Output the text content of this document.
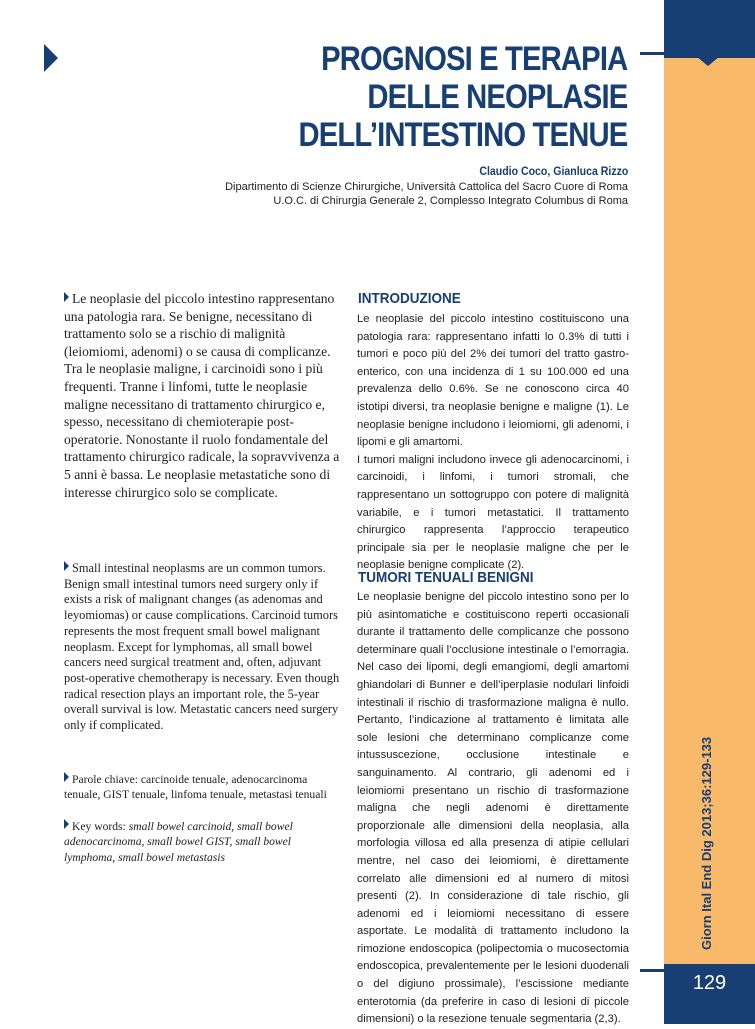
Giorn Ital End Dig 2013;36:129-133
129
PROGNOSI E TERAPIA
DELLE NEOPLASIE
DELL’INTESTINO TENUE
Claudio Coco, Gianluca Rizzo
Dipartimento di Scienze Chirurgiche, Università Cattolica del Sacro Cuore di Roma
U.O.C. di Chirurgia Generale 2, Complesso Integrato Columbus di Roma
Le neoplasie del piccolo intestino rappresentano una patologia rara. Se benigne, necessitano di trattamento solo se a rischio di malignità (leiomiomi, adenomi) o se causa di complicanze. Tra le neoplasie maligne, i carcinoidi sono i più frequenti. Tranne i linfomi, tutte le neoplasie maligne necessitano di trattamento chirurgico e, spesso, necessitano di chemioterapie post-operatorie. Nonostante il ruolo fondamentale del trattamento chirurgico radicale, la sopravvivenza a 5 anni è bassa. Le neoplasie metastatiche sono di interesse chirurgico solo se complicate.
Small intestinal neoplasms are un common tumors. Benign small intestinal tumors need surgery only if exists a risk of malignant changes (as adenomas and leyomiomas) or cause complications. Carcinoid tumors represents the most frequent small bowel malignant neoplasm. Except for lymphomas, all small bowel cancers need surgical treatment and, often, adjuvant post-operative chemotherapy is necessary. Even though radical resection plays an important role, the 5-year overall survival is low. Metastatic cancers need surgery only if complicated.
Parole chiave: carcinoide tenuale, adenocarcinoma tenuale, GIST tenuale, linfoma tenuale, metastasi tenuali
Key words: small bowel carcinoid, small bowel adenocarcinoma, small bowel GIST, small bowel lymphoma, small bowel metastasis
INTRODUZIONE

Le neoplasie del piccolo intestino costituiscono una patologia rara: rappresentano infatti lo 0.3% di tutti i tumori e poco più del 2% dei tumori del tratto gastro-enterico, con una incidenza di 1 su 100.000 ed una prevalenza dello 0.6%. Se ne conoscono circa 40 istotipi diversi, tra neoplasie benigne e maligne (1). Le neoplasie benigne includono i leiomiomi, gli adenomi, i lipomi e gli amartomi.

I tumori maligni includono invece gli adenocarcinomi, i carcinoidi, i linfomi, i tumori stromali, che rappresentano un sottogruppo con potere di malignità variabile, e i tumori metastatici. Il trattamento chirurgico rappresenta l’approccio terapeutico principale sia per le neoplasie maligne che per le neoplasie benigne complicate (2).

TUMORI TENUALI BENIGNI

Le neoplasie benigne del piccolo intestino sono per lo più asintomatiche e costituiscono reperti occasionali durante il trattamento delle complicanze che possono determinare quali l’occlusione intestinale o l’emorragia. Nel caso dei lipomi, degli emangiomi, degli amartomi ghiandolari di Bunner e dell’iperplasie nodulari linfoidi intestinali il rischio di trasformazione maligna è nullo. Pertanto, l’indicazione al trattamento è limitata alle sole lesioni che determinano complicanze come intussuscezione, occlusione intestinale e sanguinamento. Al contrario, gli adenomi ed i leiomiomi presentano un rischio di trasformazione maligna che negli adenomi è direttamente proporzionale alle dimensioni della neoplasia, alla morfologia villosa ed alla presenza di atipie cellulari mentre, nel caso dei leiomiomi, è direttamente correlato alle dimensioni ed al numero di mitosi presenti (2). In considerazione di tale rischio, gli adenomi ed i leiomiomi necessitano di essere asportate. Le modalità di trattamento includono la rimozione endoscopica (polipectomia o mucosectomia endoscopica, prevalentemente per le lesioni duodenali o del digiuno prossimale), l’escissione mediante enterotomia (da preferire in caso di lesioni di piccole dimensioni) o la resezione tenuale segmentaria (2,3).
